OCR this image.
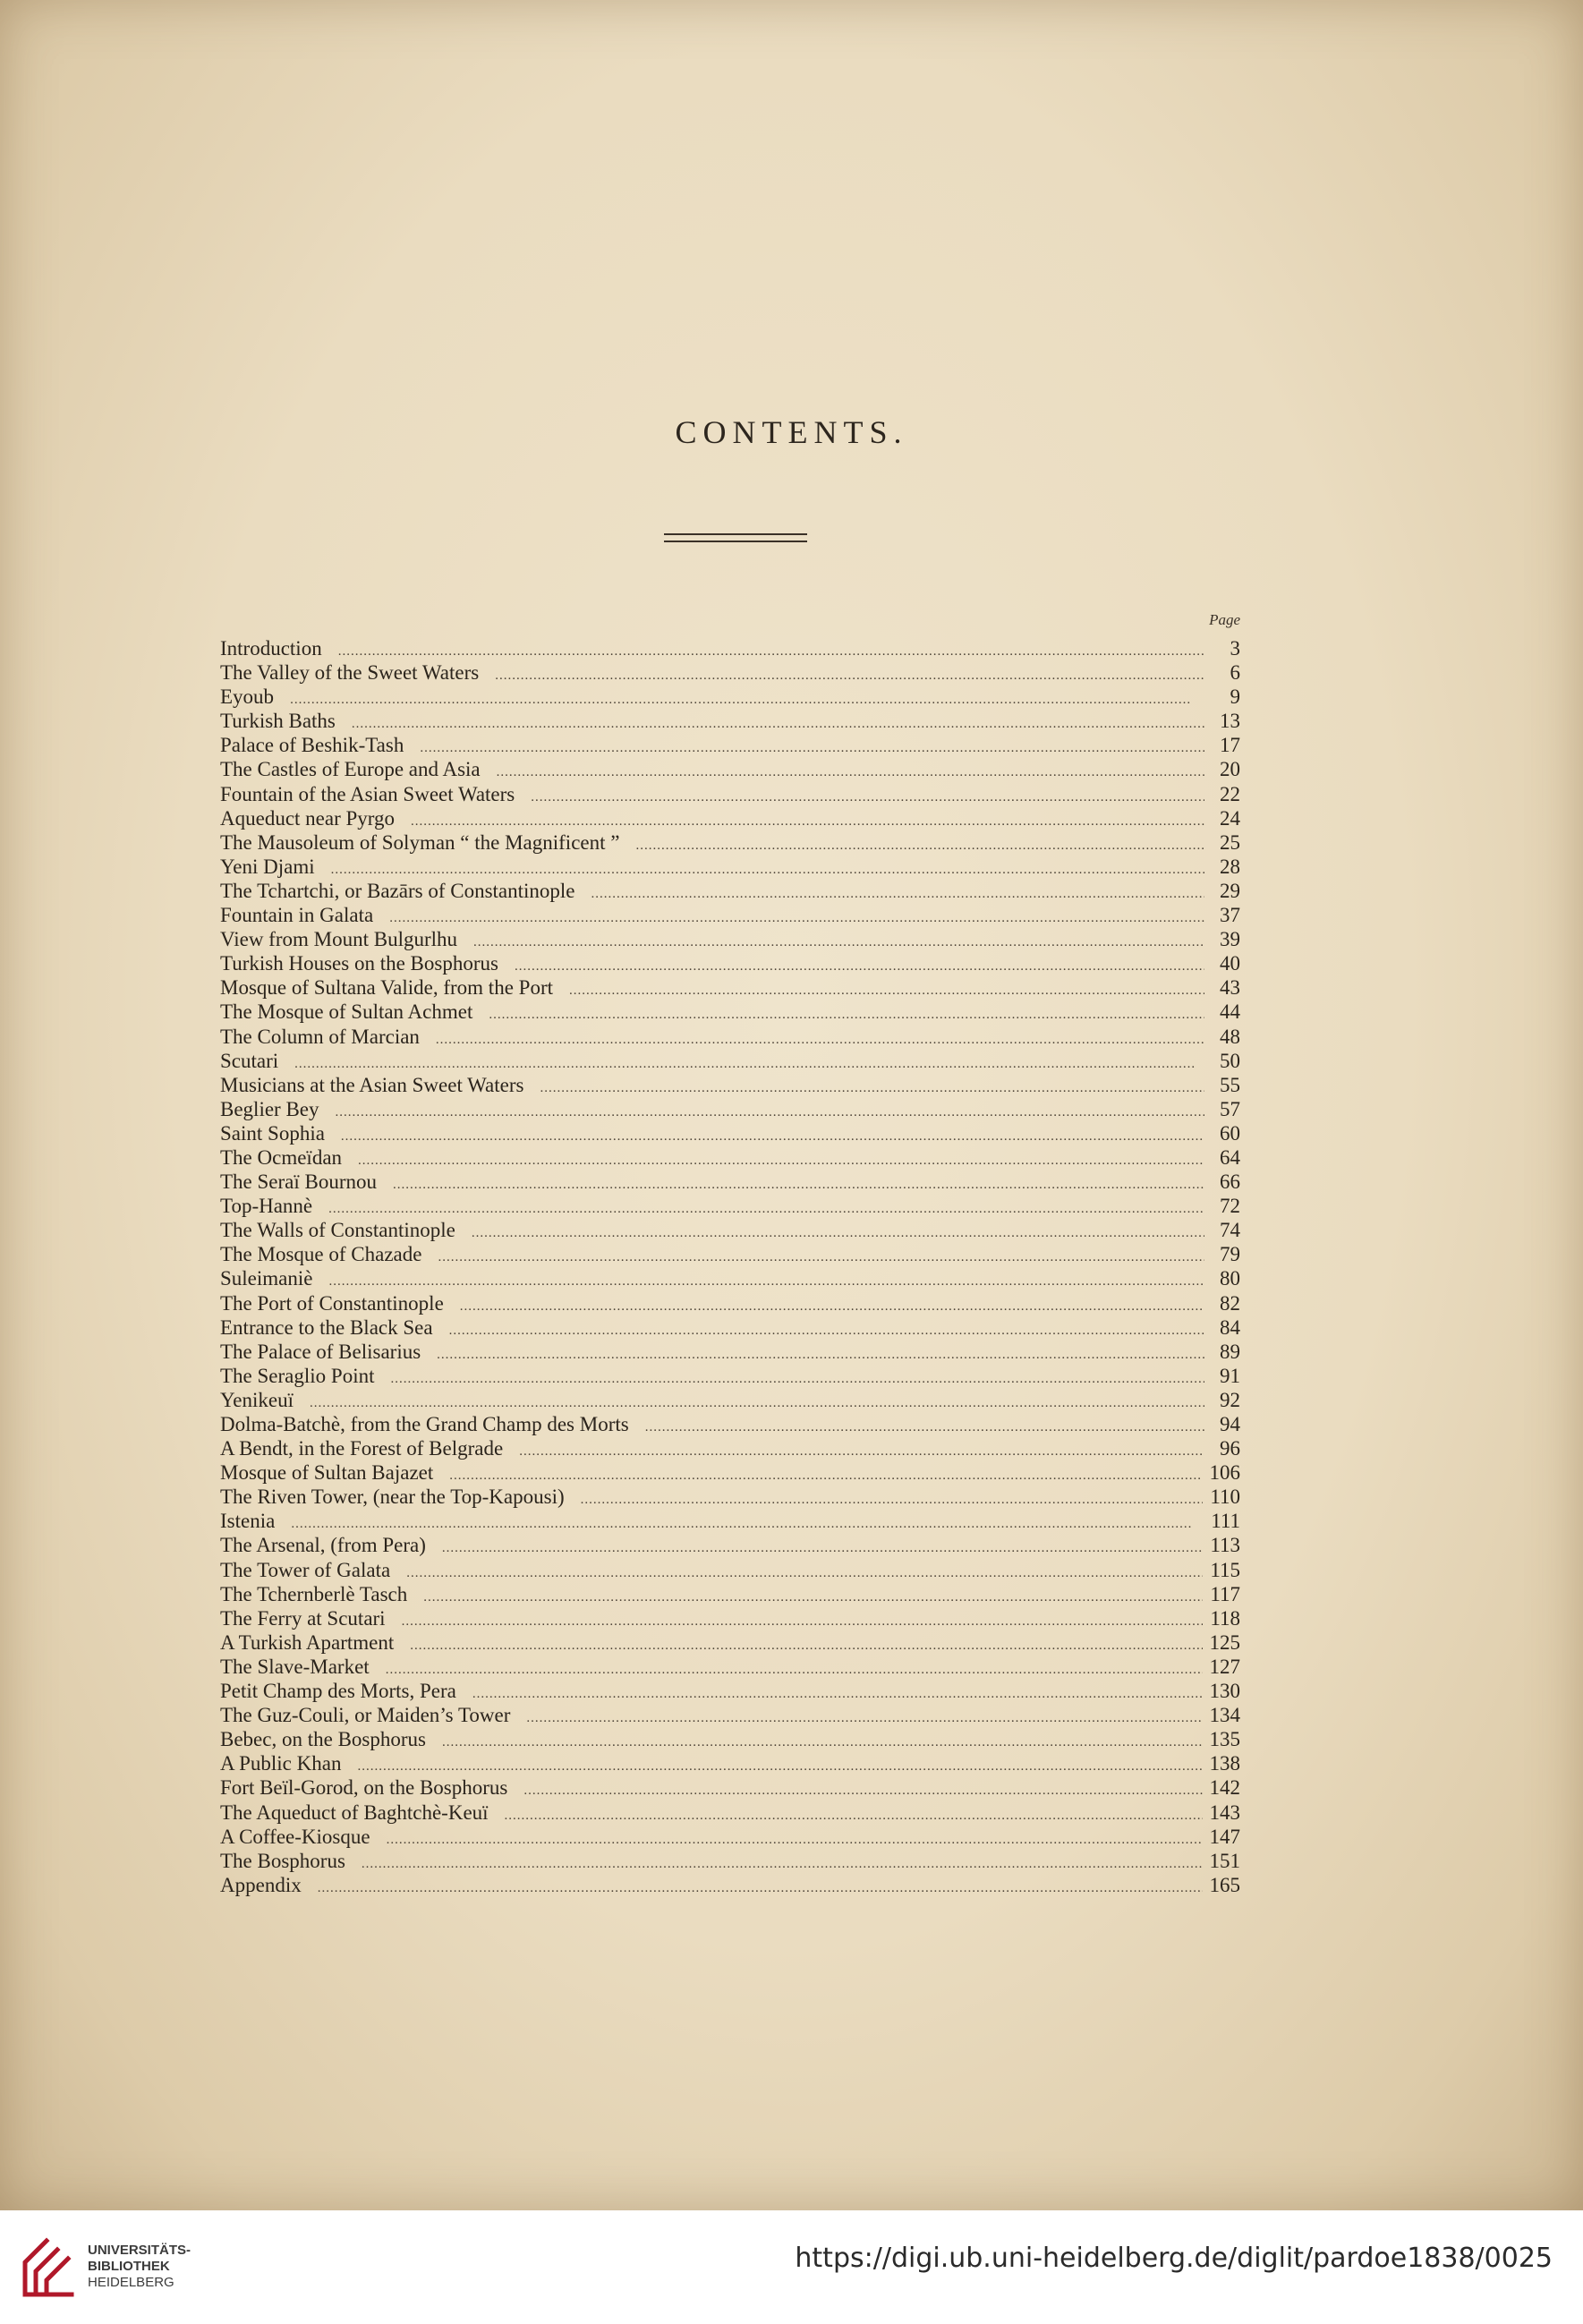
CONTENTS.
Page
Introduction .....	3
The Valley of the Sweet Waters .....	6
Eyoub .....	9
Turkish Baths .....	13
Palace of Beshik-Tash .....	17
The Castles of Europe and Asia .....	20
Fountain of the Asian Sweet Waters .....	22
Aqueduct near Pyrgo .....	24
The Mausoleum of Solyman “ the Magnificent ” .....	25
Yeni Djami .....	28
The Tchartchi, or Bazārs of Constantinople .....	29
Fountain in Galata .....	37
View from Mount Bulgurlhu .....	39
Turkish Houses on the Bosphorus .....	40
Mosque of Sultana Valide, from the Port .....	43
The Mosque of Sultan Achmet .....	44
The Column of Marcian .....	48
Scutari .....	50
Musicians at the Asian Sweet Waters .....	55
Beglier Bey .....	57
Saint Sophia .....	60
The Ocmeïdan .....	64
The Seraï Bournou .....	66
Top-Hannè .....	72
The Walls of Constantinople .....	74
The Mosque of Chazade .....	79
Suleimaniè .....	80
The Port of Constantinople .....	82
Entrance to the Black Sea .....	84
The Palace of Belisarius .....	89
The Seraglio Point .....	91
Yenikeuï .....	92
Dolma-Batchè, from the Grand Champ des Morts .....	94
A Bendt, in the Forest of Belgrade .....	96
Mosque of Sultan Bajazet .....	106
The Riven Tower, (near the Top-Kapousi) .....	110
Istenia .....	111
The Arsenal, (from Pera) .....	113
The Tower of Galata .....	115
The Tchernberlè Tasch .....	117
The Ferry at Scutari .....	118
A Turkish Apartment .....	125
The Slave-Market .....	127
Petit Champ des Morts, Pera .....	130
The Guz-Couli, or Maiden’s Tower .....	134
Bebec, on the Bosphorus .....	135
A Public Khan .....	138
Fort Beïl-Gorod, on the Bosphorus .....	142
The Aqueduct of Baghtchè-Keuï .....	143
A Coffee-Kiosque .....	147
The Bosphorus .....	151
Appendix .....	165
UNIVERSITÄTS-
BIBLIOTHEK
HEIDELBERG
https://digi.ub.uni-heidelberg.de/diglit/pardoe1838/0025
